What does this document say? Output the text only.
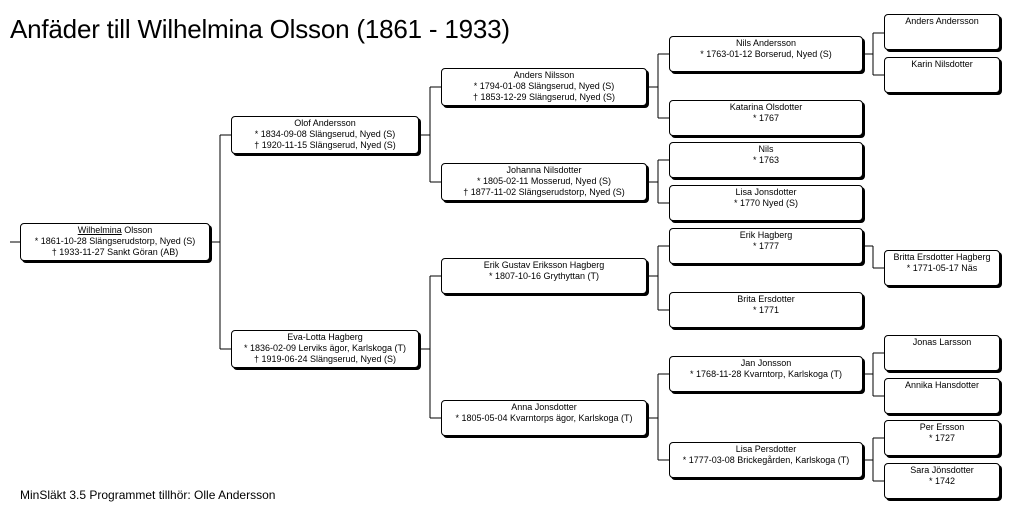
Anfäder till Wilhelmina Olsson (1861 - 1933)
Wilhelmina Olsson
* 1861-10-28 Slängserudstorp, Nyed (S)
† 1933-11-27 Sankt Göran (AB)
Olof Andersson
* 1834-09-08 Slängserud, Nyed (S)
† 1920-11-15 Slängserud, Nyed (S)
Eva-Lotta Hagberg
* 1836-02-09 Lerviks ägor, Karlskoga (T)
† 1919-06-24 Slängserud, Nyed (S)
Anders Nilsson
* 1794-01-08 Slängserud, Nyed (S)
† 1853-12-29 Slängserud, Nyed (S)
Johanna Nilsdotter
* 1805-02-11 Mosserud, Nyed (S)
† 1877-11-02 Slängserudstorp, Nyed (S)
Erik Gustav Eriksson Hagberg
* 1807-10-16 Grythyttan (T)
Anna Jonsdotter
* 1805-05-04 Kvarntorps ägor, Karlskoga (T)
Nils Andersson
* 1763-01-12 Borserud, Nyed (S)
Katarina Olsdotter
* 1767
Nils
* 1763
Lisa Jonsdotter
* 1770 Nyed (S)
Erik Hagberg
* 1777
Brita Ersdotter
* 1771
Jan Jonsson
* 1768-11-28 Kvarntorp, Karlskoga (T)
Lisa Persdotter
* 1777-03-08 Brickegården, Karlskoga (T)
Anders Andersson
Karin Nilsdotter
Britta Ersdotter Hagberg
* 1771-05-17 Näs
Jonas Larsson
Annika Hansdotter
Per Ersson
* 1727
Sara Jönsdotter
* 1742
MinSläkt 3.5 Programmet tillhör: Olle Andersson
